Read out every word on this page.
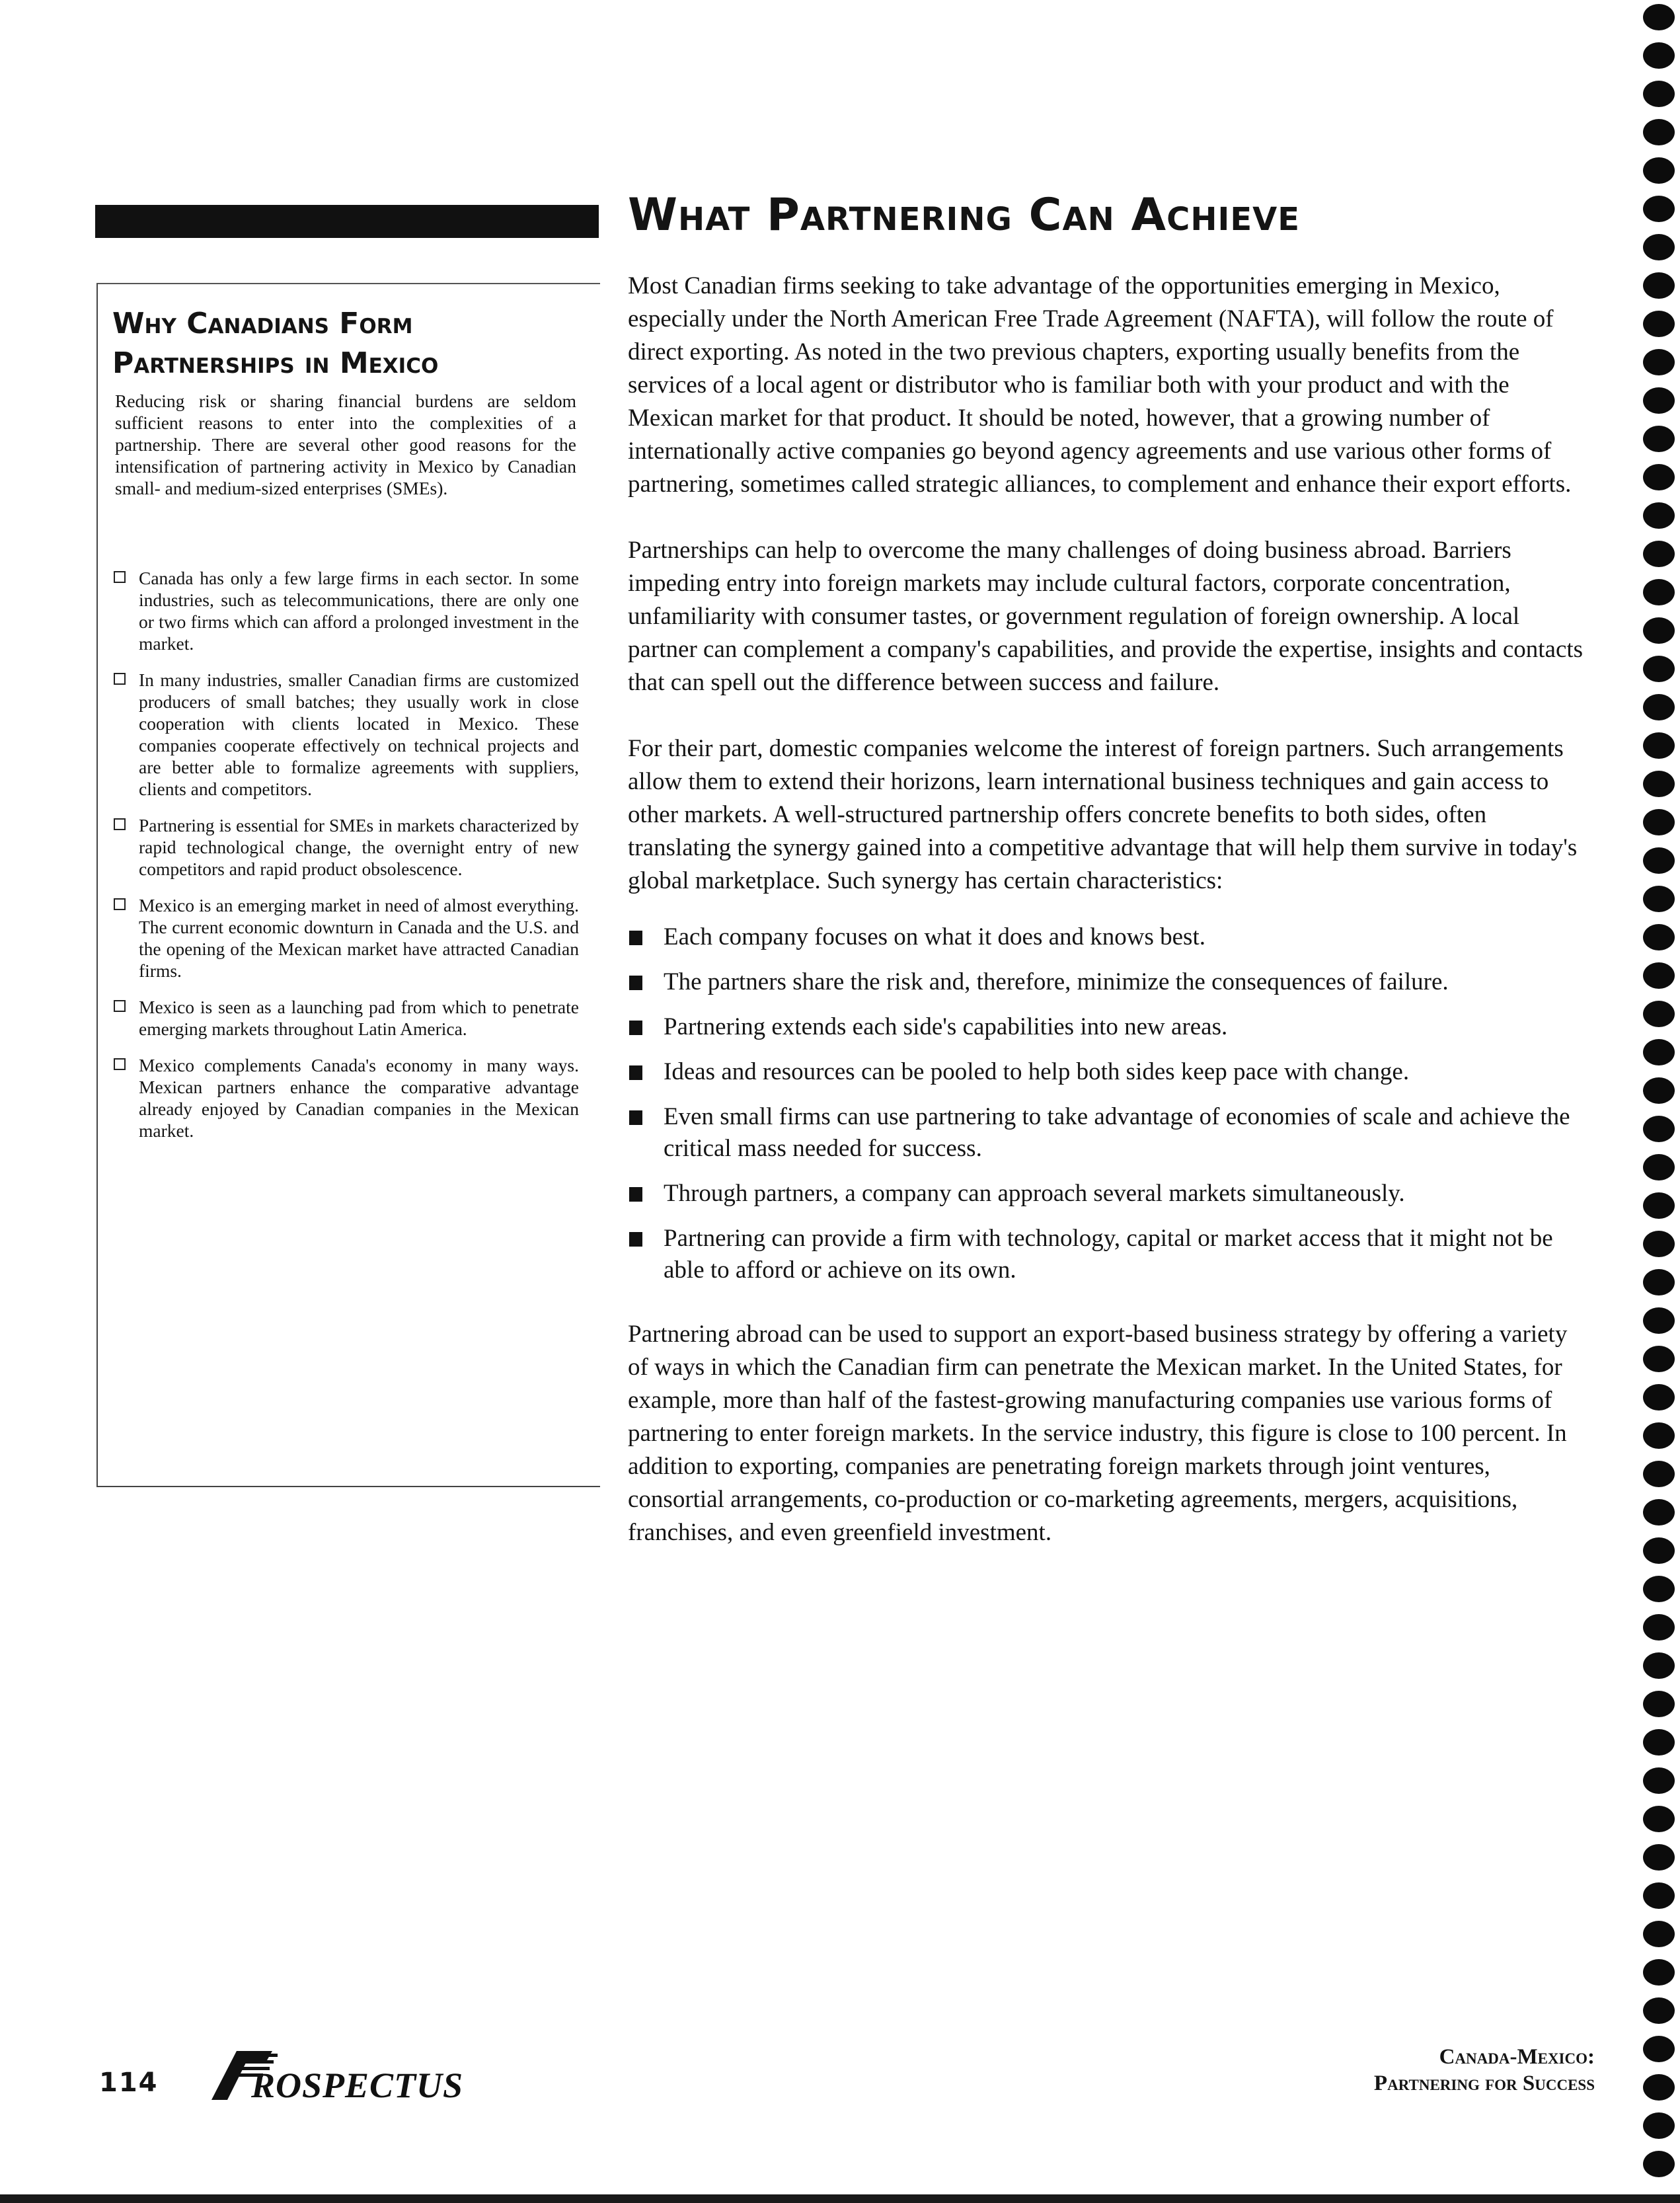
What Partnering Can Achieve
Why Canadians Form Partnerships in Mexico
Reducing risk or sharing financial burdens are seldom sufficient reasons to enter into the complexities of a partnership. There are several other good reasons for the intensification of partnering activity in Mexico by Canadian small- and medium-sized enterprises (SMEs).
Canada has only a few large firms in each sector. In some industries, such as telecommunications, there are only one or two firms which can afford a prolonged investment in the market.
In many industries, smaller Canadian firms are customized producers of small batches; they usually work in close cooperation with clients located in Mexico. These companies cooperate effectively on technical projects and are better able to formalize agreements with suppliers, clients and competitors.
Partnering is essential for SMEs in markets characterized by rapid technological change, the overnight entry of new competitors and rapid product obsolescence.
Mexico is an emerging market in need of almost everything. The current economic downturn in Canada and the U.S. and the opening of the Mexican market have attracted Canadian firms.
Mexico is seen as a launching pad from which to penetrate emerging markets throughout Latin America.
Mexico complements Canada's economy in many ways. Mexican partners enhance the comparative advantage already enjoyed by Canadian companies in the Mexican market.

Most Canadian firms seeking to take advantage of the opportunities emerging in Mexico, especially under the North American Free Trade Agreement (NAFTA), will follow the route of direct exporting. As noted in the two previous chapters, exporting usually benefits from the services of a local agent or distributor who is familiar both with your product and with the Mexican market for that product. It should be noted, however, that a growing number of internationally active companies go beyond agency agreements and use various other forms of partnering, sometimes called strategic alliances, to complement and enhance their export efforts.

Partnerships can help to overcome the many challenges of doing business abroad. Barriers impeding entry into foreign markets may include cultural factors, corporate concentration, unfamiliarity with consumer tastes, or government regulation of foreign ownership. A local partner can complement a company's capabilities, and provide the expertise, insights and contacts that can spell out the difference between success and failure.

For their part, domestic companies welcome the interest of foreign partners. Such arrangements allow them to extend their horizons, learn international business techniques and gain access to other markets. A well-structured partnership offers concrete benefits to both sides, often translating the synergy gained into a competitive advantage that will help them survive in today's global marketplace. Such synergy has certain characteristics:

Each company focuses on what it does and knows best.
The partners share the risk and, therefore, minimize the consequences of failure.
Partnering extends each side's capabilities into new areas.
Ideas and resources can be pooled to help both sides keep pace with change.
Even small firms can use partnering to take advantage of economies of scale and achieve the critical mass needed for success.
Through partners, a company can approach several markets simultaneously.
Partnering can provide a firm with technology, capital or market access that it might not be able to afford or achieve on its own.

Partnering abroad can be used to support an export-based business strategy by offering a variety of ways in which the Canadian firm can penetrate the Mexican market. In the United States, for example, more than half of the fastest-growing manufacturing companies use various forms of partnering to enter foreign markets. In the service industry, this figure is close to 100 percent. In addition to exporting, companies are penetrating foreign markets through joint ventures, consortial arrangements, co-production or co-marketing agreements, mergers, acquisitions, franchises, and even greenfield investment.

114	ROSPECTUS
Canada-Mexico:
Partnering for Success
